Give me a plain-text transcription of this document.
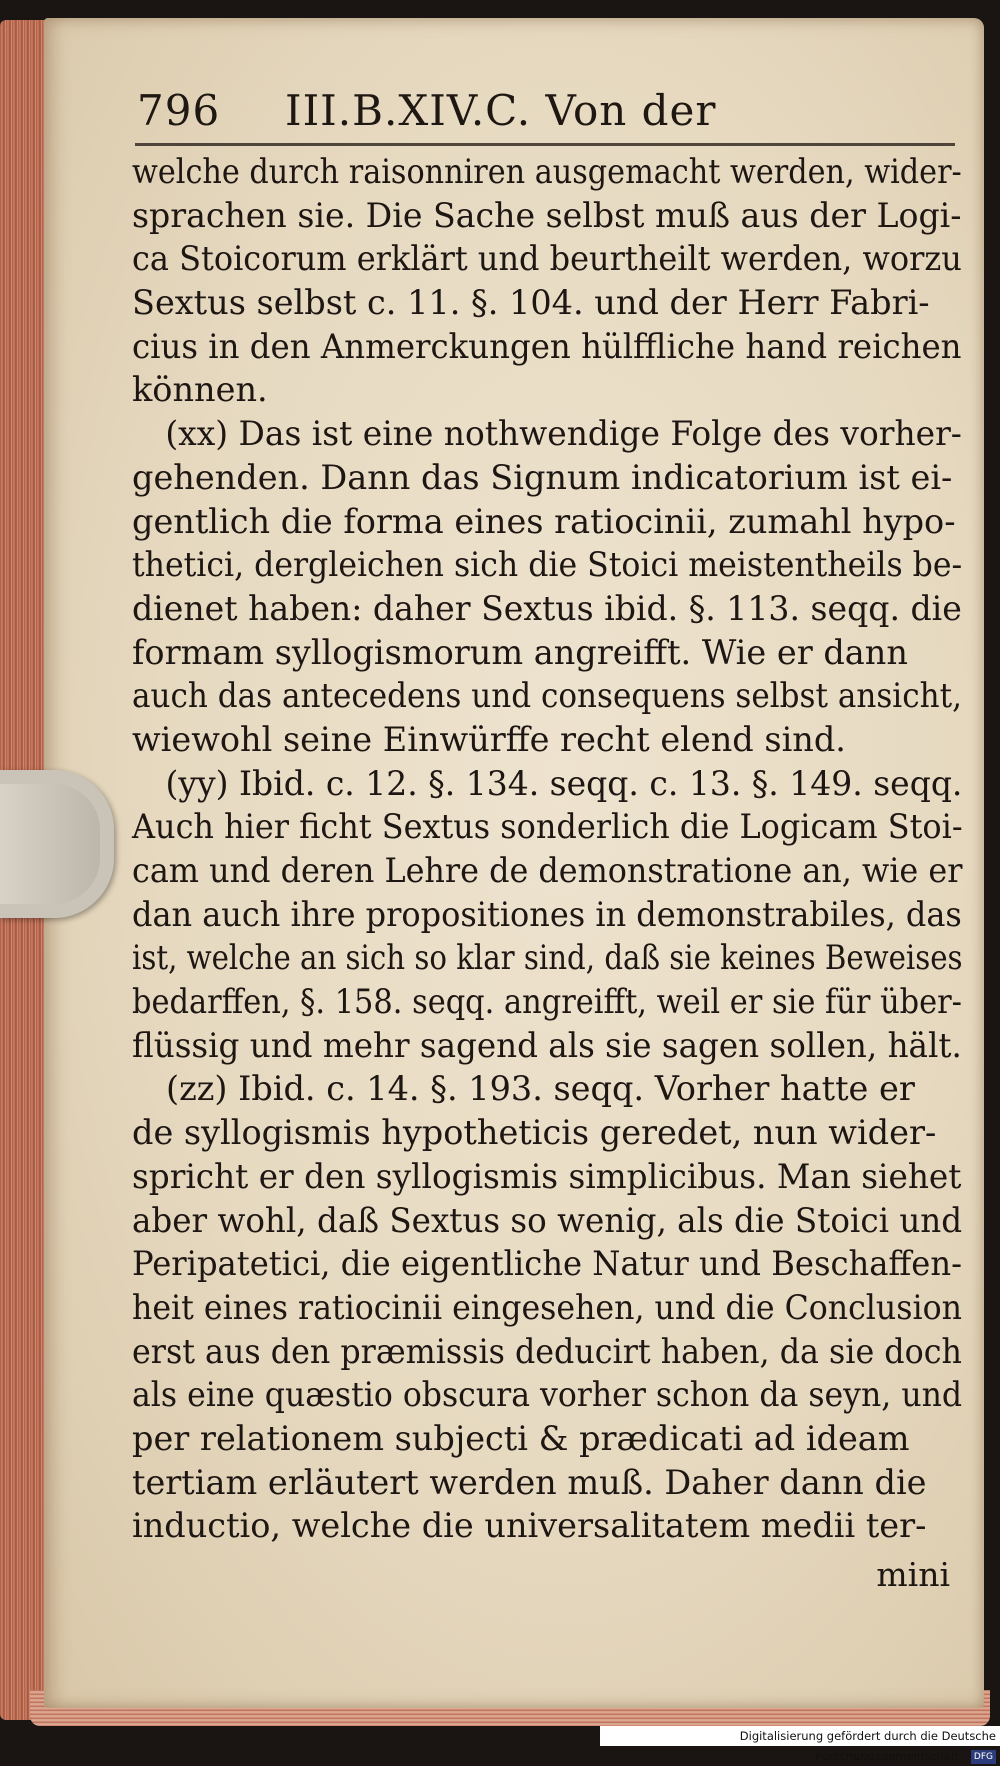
796 III.B.XIV.C. Von der
welche durch raisonniren ausgemacht werden, wider-
sprachen sie. Die Sache selbst muß aus der Logi-
ca Stoicorum erklärt und beurtheilt werden, worzu
Sextus selbst c. 11. §. 104. und der Herr Fabri-
cius in den Anmerckungen hülffliche hand reichen
können.
(xx) Das ist eine nothwendige Folge des vorher-
gehenden. Dann das Signum indicatorium ist ei-
gentlich die forma eines ratiocinii, zumahl hypo-
thetici, dergleichen sich die Stoici meistentheils be-
dienet haben: daher Sextus ibid. §. 113. seqq. die
formam syllogismorum angreifft. Wie er dann
auch das antecedens und consequens selbst ansicht,
wiewohl seine Einwürffe recht elend sind.
(yy) Ibid. c. 12. §. 134. seqq. c. 13. §. 149. seqq.
Auch hier ficht Sextus sonderlich die Logicam Stoi-
cam und deren Lehre de demonstratione an, wie er
dan auch ihre propositiones in demonstrabiles, das
ist, welche an sich so klar sind, daß sie keines Beweises
bedarffen, §. 158. seqq. angreifft, weil er sie für über-
flüssig und mehr sagend als sie sagen sollen, hält.
(zz) Ibid. c. 14. §. 193. seqq. Vorher hatte er
de syllogismis hypotheticis geredet, nun wider-
spricht er den syllogismis simplicibus. Man siehet
aber wohl, daß Sextus so wenig, als die Stoici und
Peripatetici, die eigentliche Natur und Beschaffen-
heit eines ratiocinii eingesehen, und die Conclusion
erst aus den præmissis deducirt haben, da sie doch
als eine quæstio obscura vorher schon da seyn, und
per relationem subjecti & prædicati ad ideam
tertiam erläutert werden muß. Daher dann die
inductio, welche die universalitatem medii ter-
mini
Digitalisierung gefördert durch die Deutsche Forschungsgemeinschaft - DFG
